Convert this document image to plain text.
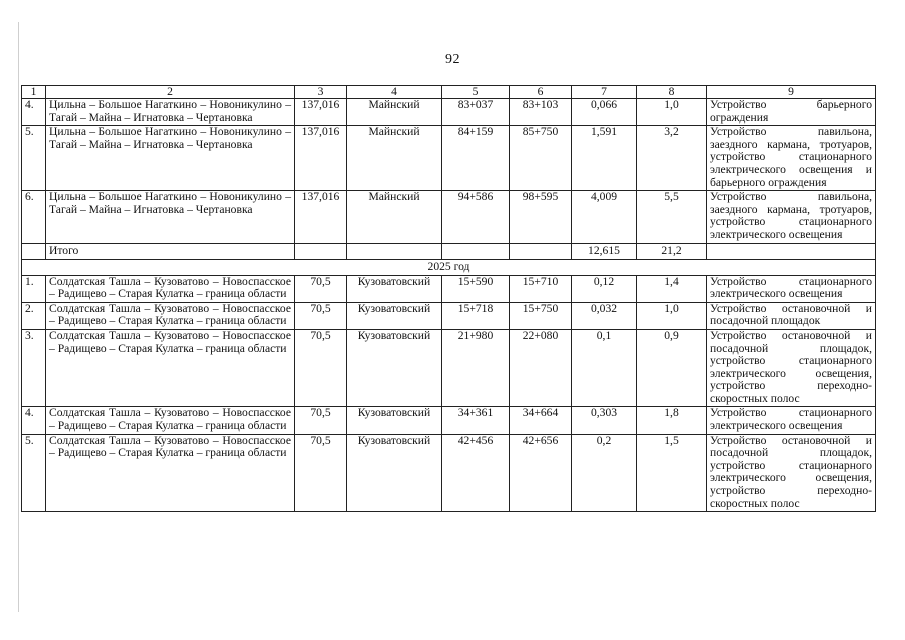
92
1	2	3	4	5	6	7	8	9
4.	Цильна – Большое Нагаткино – Новоникулино – Тагай – Майна – Игнатовка – Чертановка	137,016	Майнский	83+037	83+103	0,066	1,0	Устройство барьерного ограждения
5.	Цильна – Большое Нагаткино – Новоникулино – Тагай – Майна – Игнатовка – Чертановка	137,016	Майнский	84+159	85+750	1,591	3,2	Устройство павильона, заездного кармана, тротуаров, устройство стационарного электрического освещения и барьерного ограждения
6.	Цильна – Большое Нагаткино – Новоникулино – Тагай – Майна – Игнатовка – Чертановка	137,016	Майнский	94+586	98+595	4,009	5,5	Устройство павильона, заездного кармана, тротуаров, устройство стационарного электрического освещения
	Итого					12,615	21,2	
2025 год								
1.	Солдатская Ташла – Кузоватово – Новоспасское – Радищево – Старая Кулатка – граница области	70,5	Кузоватовский	15+590	15+710	0,12	1,4	Устройство стационарного электрического освещения
2.	Солдатская Ташла – Кузоватово – Новоспасское – Радищево – Старая Кулатка – граница области	70,5	Кузоватовский	15+718	15+750	0,032	1,0	Устройство остановочной и посадочной площадок
3.	Солдатская Ташла – Кузоватово – Новоспасское – Радищево – Старая Кулатка – граница области	70,5	Кузоватовский	21+980	22+080	0,1	0,9	Устройство остановочной и посадочной площадок, устройство стационарного электрического освещения, устройство переходно-скоростных полос
4.	Солдатская Ташла – Кузоватово – Новоспасское – Радищево – Старая Кулатка – граница области	70,5	Кузоватовский	34+361	34+664	0,303	1,8	Устройство стационарного электрического освещения
5.	Солдатская Ташла – Кузоватово – Новоспасское – Радищево – Старая Кулатка – граница области	70,5	Кузоватовский	42+456	42+656	0,2	1,5	Устройство остановочной и посадочной площадок, устройство стационарного электрического освещения, устройство переходно-скоростных полос
